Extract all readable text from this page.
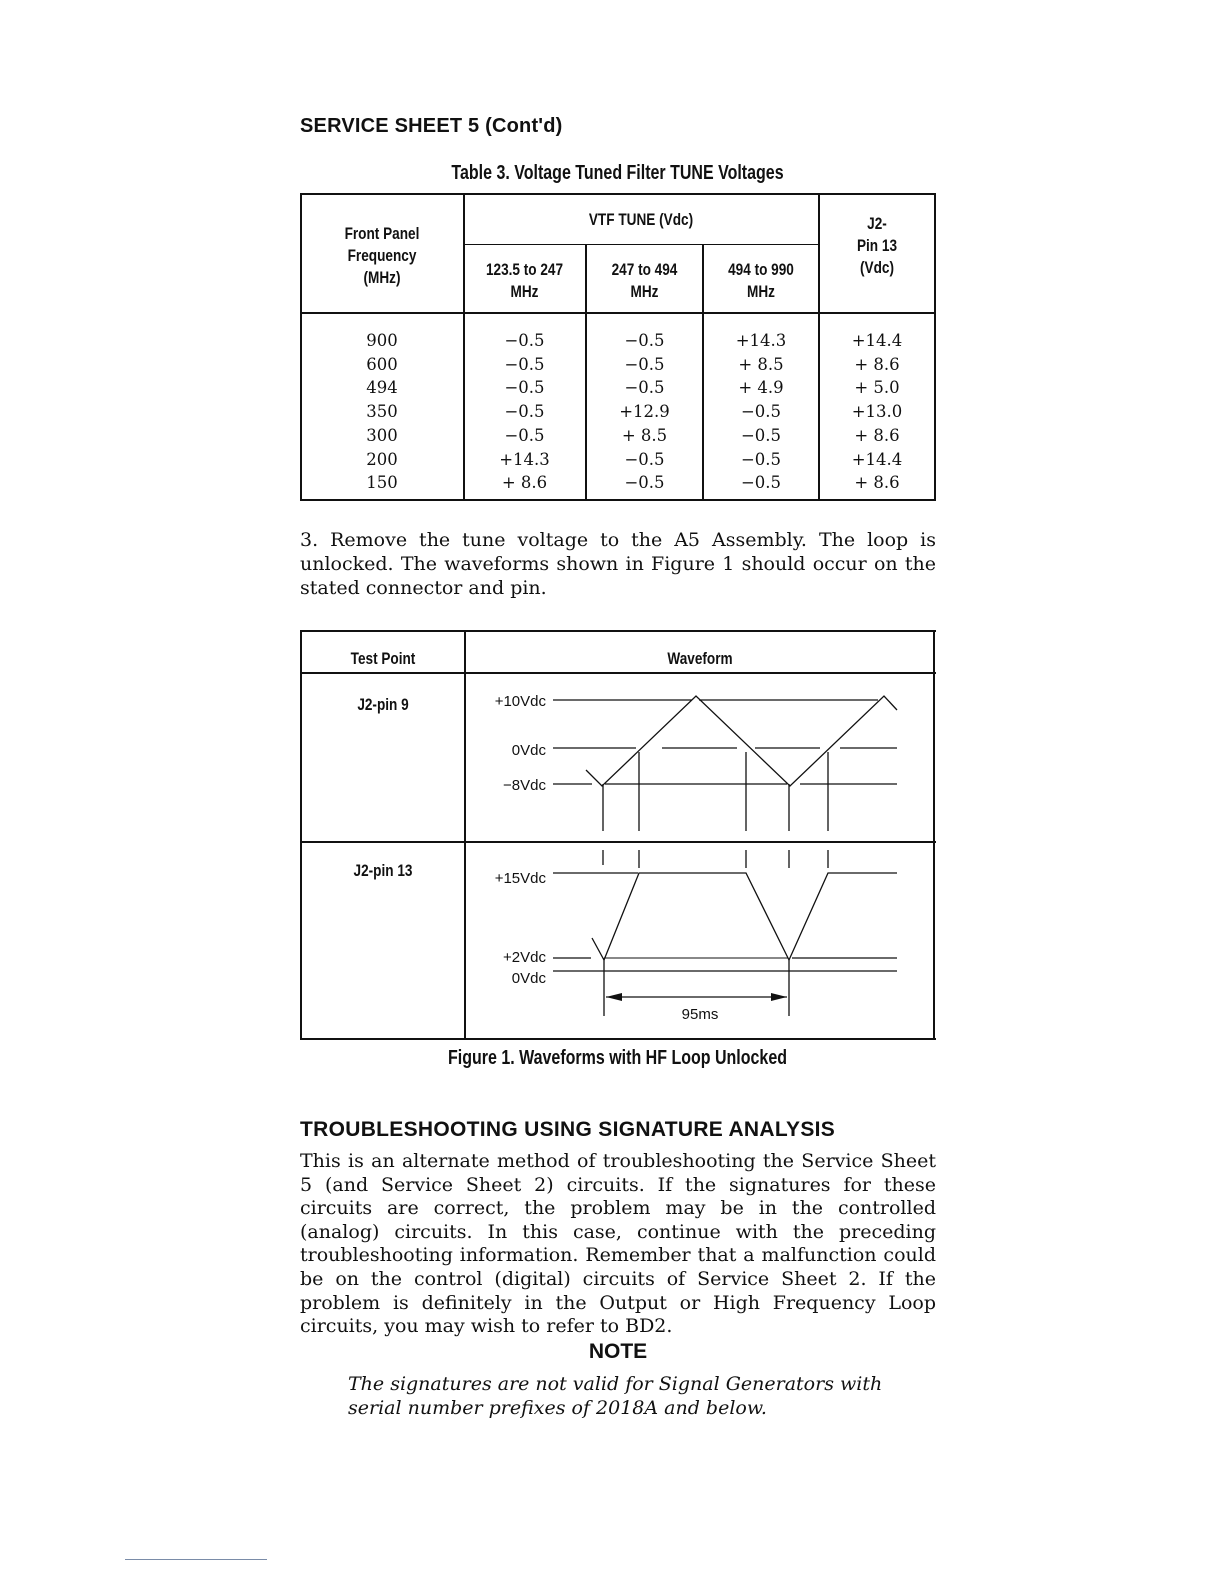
SERVICE SHEET 5 (Cont'd)
Table 3. Voltage Tuned Filter TUNE Voltages
Front Panel
Frequency
(MHz)
VTF TUNE (Vdc)
123.5 to 247
MHz
247 to 494
MHz
494 to 990
MHz
J2-
Pin 13
(Vdc)
900
600
494
350
300
200
150
−0.5
−0.5
−0.5
−0.5
−0.5
+14.3
+ 8.6
−0.5
−0.5
−0.5
+12.9
+ 8.5
−0.5
−0.5
+14.3
+ 8.5
+ 4.9
−0.5
−0.5
−0.5
−0.5
+14.4
+ 8.6
+ 5.0
+13.0
+ 8.6
+14.4
+ 8.6
3. Remove the tune voltage to the A5 Assembly. The loop is unlocked. The waveforms shown in Figure 1 should occur on the stated connector and pin.
Waveform
Test Point
J2-pin 9
J2-pin 13
+10Vdc
0Vdc
−8Vdc
+15Vdc
+2Vdc
0Vdc
95ms
Figure 1. Waveforms with HF Loop Unlocked
TROUBLESHOOTING USING SIGNATURE ANALYSIS
This is an alternate method of troubleshooting the Service Sheet 5 (and Service Sheet 2) circuits. If the signatures for these circuits are correct, the problem may be in the controlled (analog) circuits. In this case, continue with the preceding troubleshooting information. Remember that a malfunction could be on the control (digital) circuits of Service Sheet 2. If the problem is definitely in the Output or High Frequency Loop circuits, you may wish to refer to BD2.
NOTE
The signatures are not valid for Signal Generators with serial number prefixes of 2018A and below.
